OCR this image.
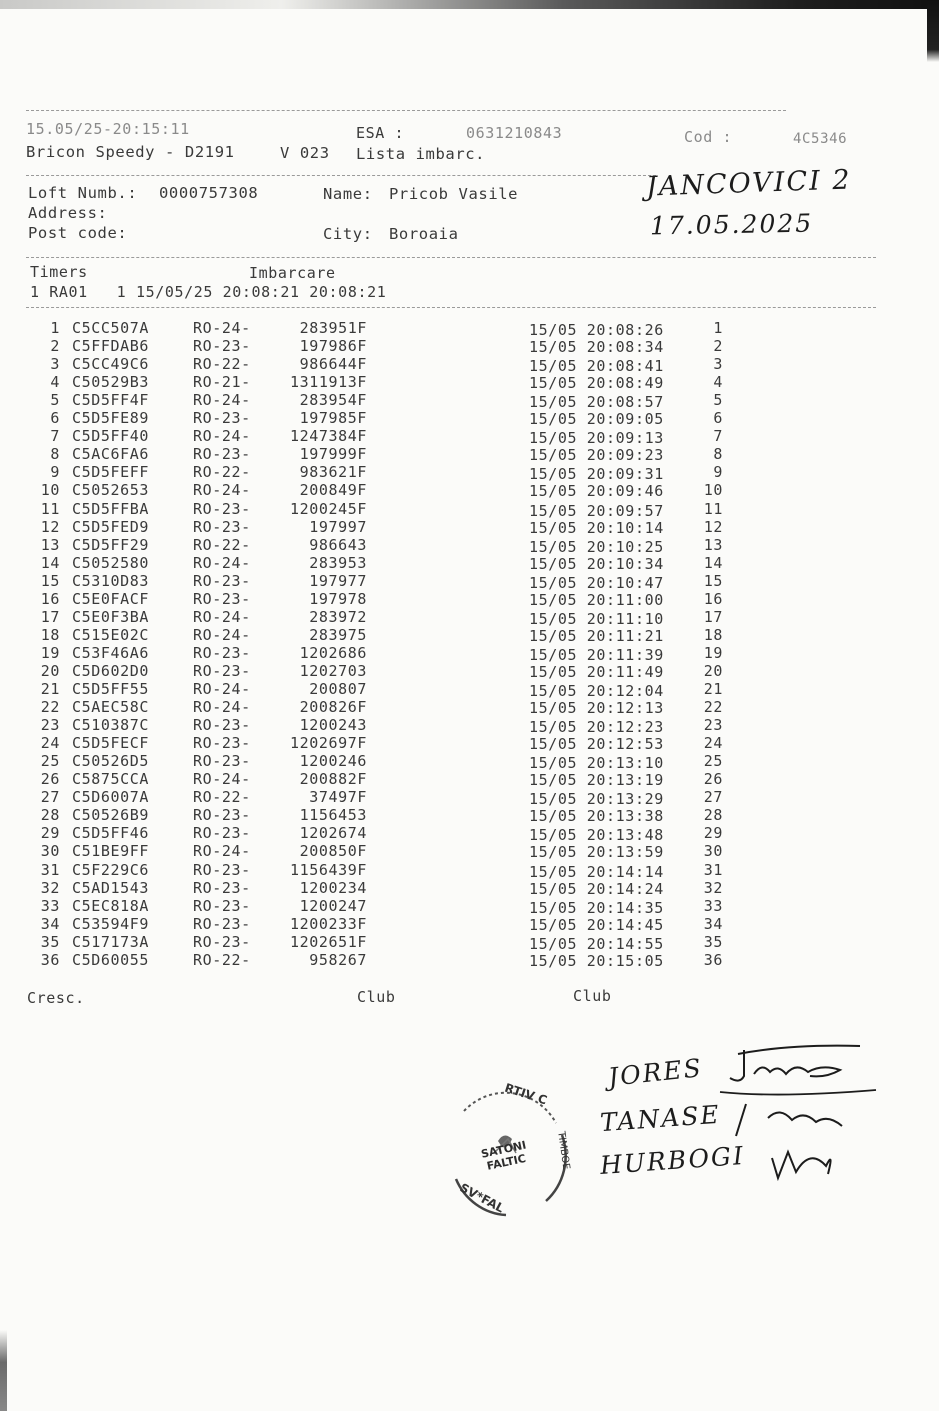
15.05/25-20:15:11	ESA :	0631210843	Cod :	4C5346
Bricon Speedy - D2191	V 023 Lista imbarc.
Loft Numb.: 0000757308	Name: Pricob Vasile
Address:
Post code:	City: Boroaia
JANCOVICI 2
17.05.2025
Timers	Imbarcare
1 RA01   1 15/05/25 20:08:21 20:08:21
1 C5CC507A	RO-24-	283951F	15/05 20:08:26	1
2 C5FFDAB6	RO-23-	197986F	15/05 20:08:34	2
3 C5CC49C6	RO-22-	986644F	15/05 20:08:41	3
4 C50529B3	RO-21-	1311913F	15/05 20:08:49	4
5 C5D5FF4F	RO-24-	283954F	15/05 20:08:57	5
6 C5D5FE89	RO-23-	197985F	15/05 20:09:05	6
7 C5D5FF40	RO-24-	1247384F	15/05 20:09:13	7
8 C5AC6FA6	RO-23-	197999F	15/05 20:09:23	8
9 C5D5FEFF	RO-22-	983621F	15/05 20:09:31	9
10 C5052653	RO-24-	200849F	15/05 20:09:46	10
11 C5D5FFBA	RO-23-	1200245F	15/05 20:09:57	11
12 C5D5FED9	RO-23-	197997	15/05 20:10:14	12
13 C5D5FF29	RO-22-	986643	15/05 20:10:25	13
14 C5052580	RO-24-	283953	15/05 20:10:34	14
15 C5310D83	RO-23-	197977	15/05 20:10:47	15
16 C5E0FACF	RO-23-	197978	15/05 20:11:00	16
17 C5E0F3BA	RO-24-	283972	15/05 20:11:10	17
18 C515E02C	RO-24-	283975	15/05 20:11:21	18
19 C53F46A6	RO-23-	1202686	15/05 20:11:39	19
20 C5D602D0	RO-23-	1202703	15/05 20:11:49	20
21 C5D5FF55	RO-24-	200807	15/05 20:12:04	21
22 C5AEC58C	RO-24-	200826F	15/05 20:12:13	22
23 C510387C	RO-23-	1200243	15/05 20:12:23	23
24 C5D5FECF	RO-23-	1202697F	15/05 20:12:53	24
25 C50526D5	RO-23-	1200246	15/05 20:13:10	25
26 C5875CCA	RO-24-	200882F	15/05 20:13:19	26
27 C5D6007A	RO-22-	37497F	15/05 20:13:29	27
28 C50526B9	RO-23-	1156453	15/05 20:13:38	28
29 C5D5FF46	RO-23-	1202674	15/05 20:13:48	29
30 C51BE9FF	RO-24-	200850F	15/05 20:13:59	30
31 C5F229C6	RO-23-	1156439F	15/05 20:14:14	31
32 C5AD1543	RO-23-	1200234	15/05 20:14:24	32
33 C5EC818A	RO-23-	1200247	15/05 20:14:35	33
34 C53594F9	RO-23-	1200233F	15/05 20:14:45	34
35 C517173A	RO-23-	1202651F	15/05 20:14:55	35
36 C5D60055	RO-22-	958267	15/05 20:15:05	36
Cresc.	Club	Club
RTIV C
TIMBOE
SATONI FALTIC
SV*FAL
JORES
TANASE
HURBOGI
